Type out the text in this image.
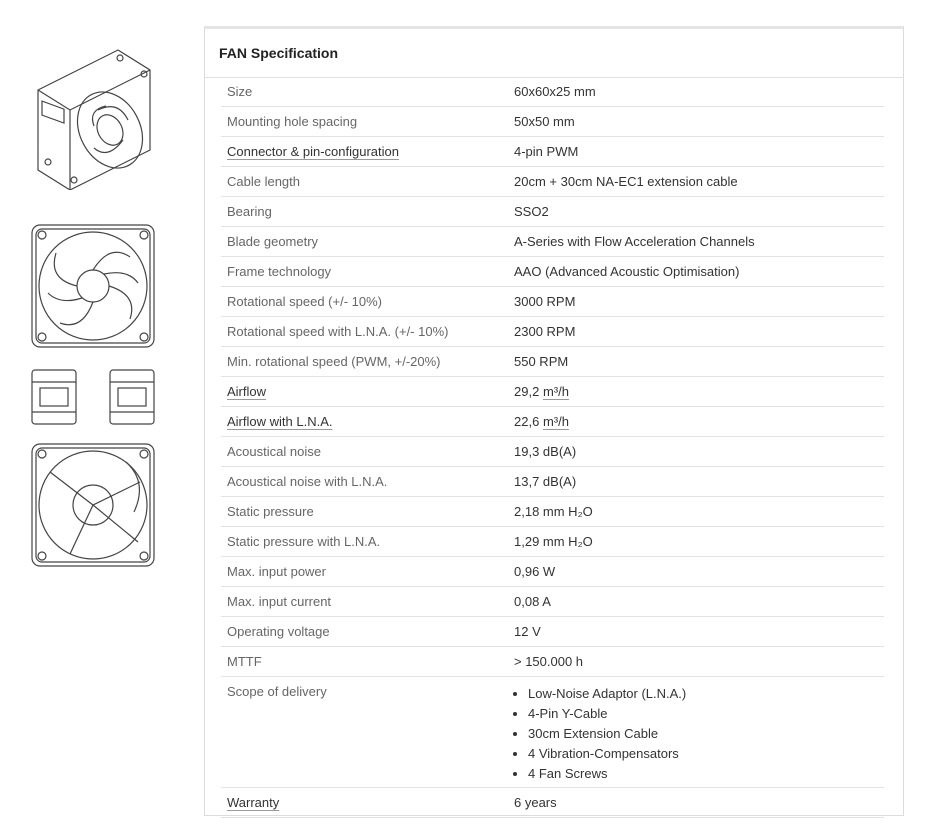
FAN Specification
Size	60x60x25 mm
Mounting hole spacing	50x50 mm
Connector & pin-configuration	4-pin PWM
Cable length	20cm + 30cm NA-EC1 extension cable
Bearing	SSO2
Blade geometry	A-Series with Flow Acceleration Channels
Frame technology	AAO (Advanced Acoustic Optimisation)
Rotational speed (+/- 10%)	3000 RPM
Rotational speed with L.N.A. (+/- 10%)	2300 RPM
Min. rotational speed (PWM, +/-20%)	550 RPM
Airflow	29,2 m³/h
Airflow with L.N.A.	22,6 m³/h
Acoustical noise	19,3 dB(A)
Acoustical noise with L.N.A.	13,7 dB(A)
Static pressure	2,18 mm H₂O
Static pressure with L.N.A.	1,29 mm H₂O
Max. input power	0,96 W
Max. input current	0,08 A
Operating voltage	12 V
MTTF	> 150.000 h
Scope of delivery
•	Low-Noise Adaptor (L.N.A.)
• 4-Pin Y-Cable
• 30cm Extension Cable
• 4 Vibration-Compensators
• 4 Fan Screws
Warranty	6 years
